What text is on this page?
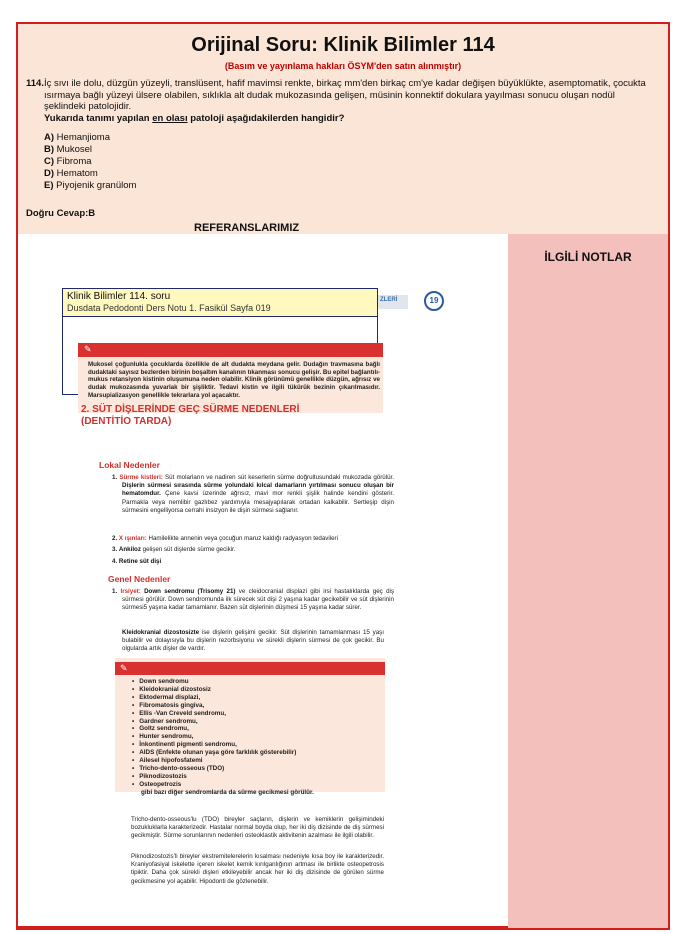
Orijinal Soru: Klinik Bilimler 114
(Basım ve yayınlama hakları ÖSYM'den satın alınmıştır)
114.İç sıvı ile dolu, düzgün yüzeyli, translüsent, hafif mavimsi renkte, birkaç mm'den birkaç cm'ye kadar değişen büyüklükte, asemptomatik, çocukta ısırmaya bağlı yüzeyi ülsere olabilen, sıklıkla alt dudak mukozasında gelişen, müsinin konnektif dokulara yayılması sonucu oluşan nodül şeklindeki patolojidir.
Yukarıda tanımı yapılan en olası patoloji aşağıdakilerden hangidir?
A) Hemanjioma
B) Mukosel
C) Fibroma
D) Hematom
E) Piyojenik granülom
Doğru Cevap:B
İLGİLİ NOTLAR
REFERANSLARIMIZ
ZLERİ	19
✎
Mukosel çoğunlukla çocuklarda özellikle de alt dudakta meydana gelir. Dudağın travmasına bağlı dudaktaki sayısız bezlerden birinin boşaltım kanalının tıkanması sonucu gelişir. Bu epitel bağlantılı-mukus retansiyon kistinin oluşumuna neden olabilir. Klinik görünümü genellikle düzgün, ağrısız ve dudak mukozasında yuvarlak bir şişliktir. Tedavi kistin ve ilgili tükürük bezinin çıkarılmasıdır. Marsupializasyon genellikle tekrarlara yol açacaktır.
Klinik Bilimler 114. soru
Dusdata Pedodonti Ders Notu 1. Fasikül Sayfa 019
2. SÜT DİŞLERİNDE GEÇ SÜRME NEDENLERİ
(DENTİTİO TARDA)
Lokal Nedenler
1. Sürme kistleri: Süt molarların ve nadiren süt keserlerin sürme doğrultusundaki mukozada görülür. Dişlerin sürmesi sırasında sürme yolundaki kılcal damarların yırtılması sonucu oluşan bir hematomdur. Çene kavsi üzerinde ağrısız, mavi mor renkli şişlik halinde kendini gösterir. Parmakla veya nemlibir gazlıbez yardımıyla mesajyapılarak ortadan kalkabilir. Sertleşip dişin sürmesini engelliyorsa cerrahi insizyon ile dişin sürmesi sağlanır.
2. X ışınları: Hamilelikte annenin veya çocuğun maruz kaldığı radyasyon tedavileri
3. Ankiloz gelişen süt dişlerde sürme gecikir.
4. Retine süt dişi
Genel Nedenler
1. Irsiyet: Down sendromu (Trisomy 21) ve cleidocranial displazi gibi irsi hastalıklarda geç diş sürmesi görülür. Down sendromunda ilk sürecek süt dişi 2 yaşına kadar gecikebilir ve süt dişlerinin sürmesi5 yaşına kadar tamamlanır. Bazen süt dişlerinin düşmesi 15 yaşına kadar sürer.
Kleidokranial dizostosizte ise dişlerin gelişimi gecikir. Süt dişlerinin tamamlanması 15 yaşı bulabilir ve dolayısıyla bu dişlerin rezorbsiyonu ve sürekli dişlerin sürmesi de çok gecikir. Bu olgularda artık dişler de vardır.
✎
• Down sendromu
• Kleidokranial dizostosiz
• Ektodermal displazi,
• Fibromatosis gingiva,
• Ellis -Van Creveld sendromu,
• Gardner sendromu,
• Goltz sendromu,
• Hunter sendromu,
• İnkontinentl pigmenti sendromu,
• AIDS (Enfekte olunan yaşa göre farklılık gösterebilir)
• Ailesel hipofosfatemi
• Tricho-dento-osseous (TDO)
• Piknodizostozis
• Osteopetrozis
gibi bazı diğer sendromlarda da sürme gecikmesi görülür.
Tricho-dento-osseous'lu (TDO) bireyler saçların, dişlerin ve kemiklerin gelişimindeki bozukluklarla karakterizedir. Hastalar normal boyda olup, her iki diş dizisinde de diş sürmesi gecikmiştir. Sürme sorunlarının nedenleri osteoklastik aktivitenin azalması ile ilgili olabilir.
Piknodizostozis'li bireyler ekstremitelerelerin kısalması nedeniyle kısa boy ile karakterizedir. Kraniyofasiyal iskelette içeren iskelet kemik kırılganlığının artması ile birlikte osteopetrosis tipiktir. Daha çok sürekli dişleri etkileyebilir ancak her iki diş dizisinde de görülen sürme gecikmesine yol açabilir. Hipodonti de gözlenebilir.
